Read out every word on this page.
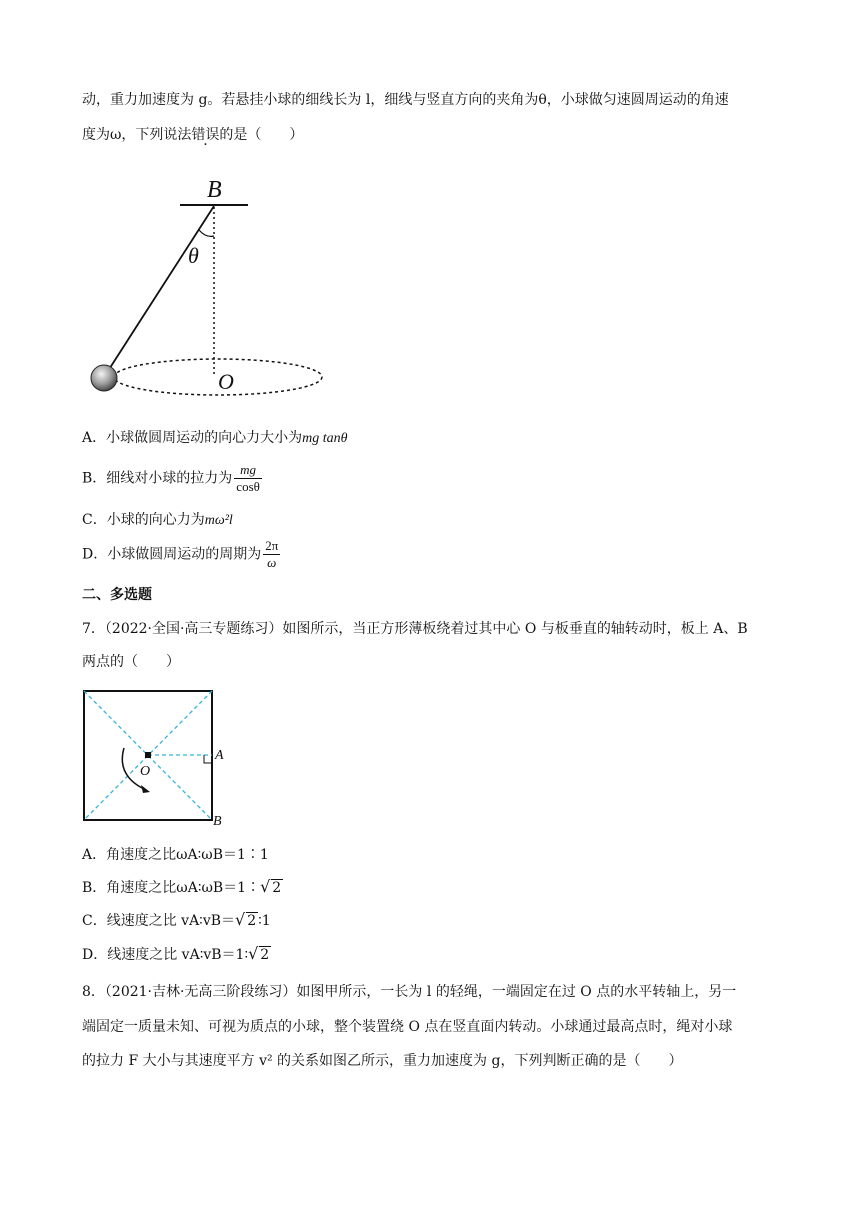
动，重力加速度为 g。若悬挂小球的细线长为 l，细线与竖直方向的夹角为θ，小球做匀速圆周运动的角速
度为ω，下列说法错误的是（　　）
B
θ
O
A．小球做圆周运动的向心力大小为mg tanθ
B．细线对小球的拉力为 $\frac{mg}{\cos\theta}$
C．小球的向心力为mω²l
D．小球做圆周运动的周期为 $\frac{2\pi}{\omega}$
二、多选题
7．（2022·全国·高三专题练习）如图所示，当正方形薄板绕着过其中心 O 与板垂直的轴转动时，板上 A、B
两点的（　　）
O
A
B
A．角速度之比ωA∶ωB＝1∶1
B．角速度之比ωA∶ωB＝1∶√ 2
C．线速度之比 vA∶vB＝√ 2 ∶1
D．线速度之比 vA∶vB＝1∶√ 2
8．（2021·吉林·无高三阶段练习）如图甲所示，一长为 l 的轻绳，一端固定在过 O 点的水平转轴上，另一
端固定一质量未知、可视为质点的小球，整个装置绕 O 点在竖直面内转动。小球通过最高点时，绳对小球
的拉力 F 大小与其速度平方 v² 的关系如图乙所示，重力加速度为 g，下列判断正确的是（　　）
